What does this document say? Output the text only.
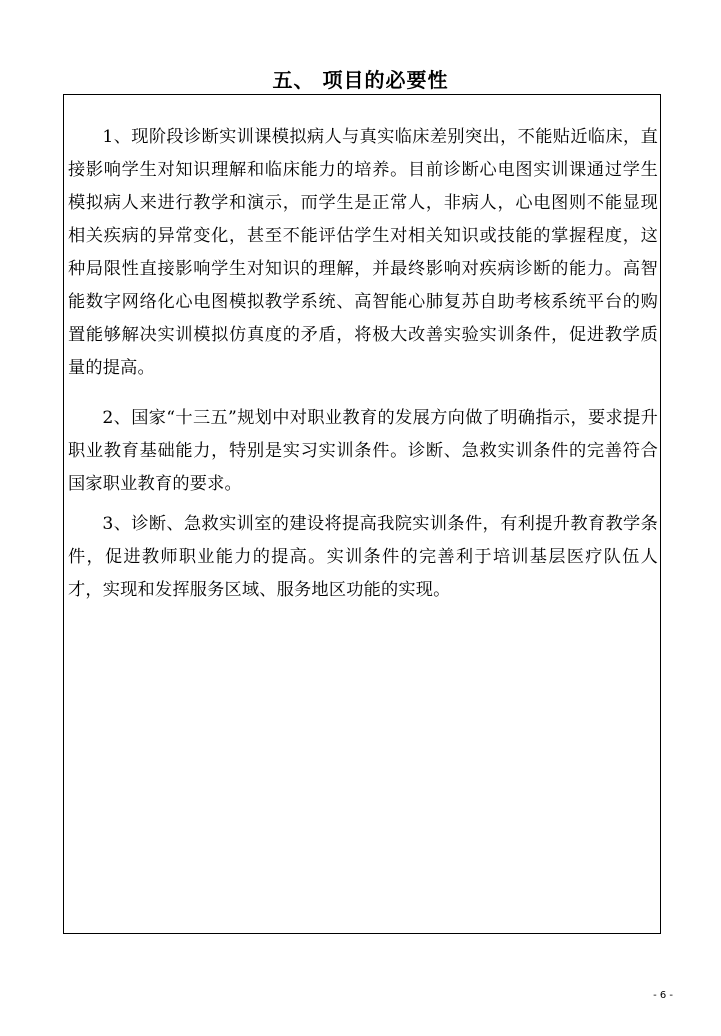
五、 项目的必要性

1、现阶段诊断实训课模拟病人与真实临床差别突出，不能贴近临床，直接影响学生对知识理解和临床能力的培养。目前诊断心电图实训课通过学生模拟病人来进行教学和演示，而学生是正常人，非病人，心电图则不能显现相关疾病的异常变化，甚至不能评估学生对相关知识或技能的掌握程度，这种局限性直接影响学生对知识的理解，并最终影响对疾病诊断的能力。高智能数字网络化心电图模拟教学系统、高智能心肺复苏自助考核系统平台的购置能够解决实训模拟仿真度的矛盾，将极大改善实验实训条件，促进教学质量的提高。

2、国家“十三五”规划中对职业教育的发展方向做了明确指示，要求提升职业教育基础能力，特别是实习实训条件。诊断、急救实训条件的完善符合国家职业教育的要求。

3、诊断、急救实训室的建设将提高我院实训条件，有利提升教育教学条件，促进教师职业能力的提高。实训条件的完善利于培训基层医疗队伍人才，实现和发挥服务区域、服务地区功能的实现。

- 6 -
